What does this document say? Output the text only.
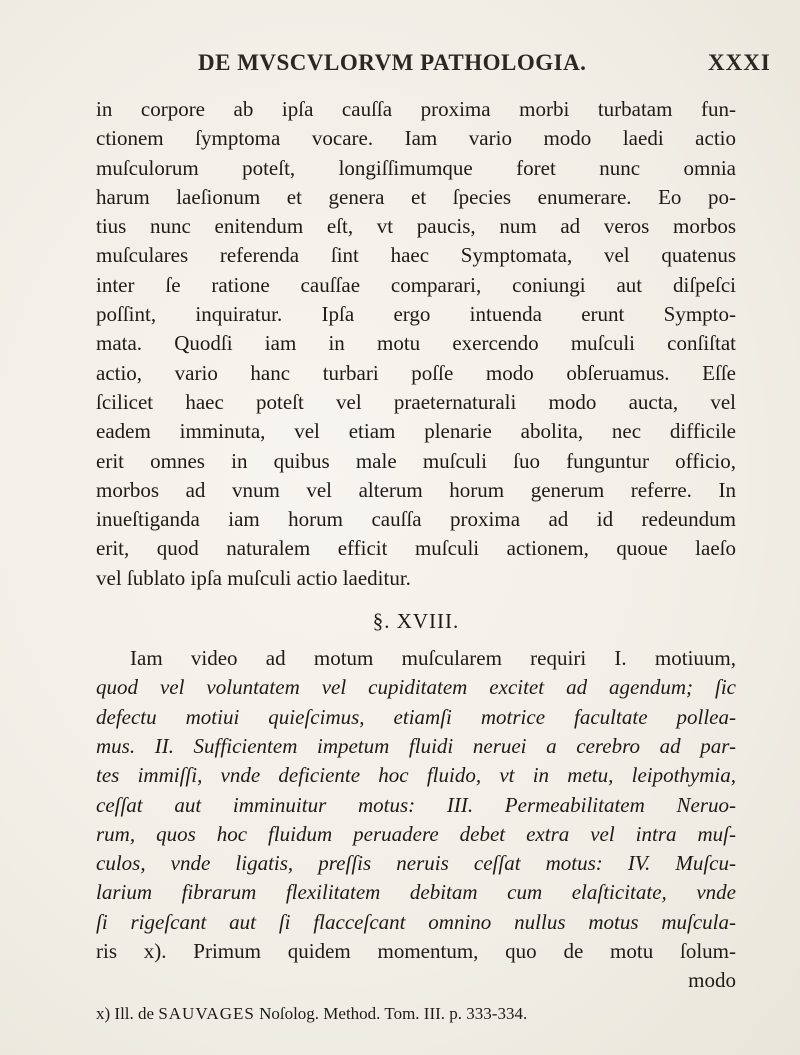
DE MVSCVLORVM PATHOLOGIA.	XXXI
in corpore ab ipſa cauſſa proxima morbi turbatam fun-
ctionem ſymptoma vocare. Iam vario modo laedi actio
muſculorum poteſt, longiſſimumque foret nunc omnia
harum laeſionum et genera et ſpecies enumerare. Eo po-
tius nunc enitendum eſt, vt paucis, num ad veros morbos
muſculares referenda ſint haec Symptomata, vel quatenus
inter ſe ratione cauſſae comparari, coniungi aut diſpeſci
poſſint, inquiratur. Ipſa ergo intuenda erunt Sympto-
mata. Quodſi iam in motu exercendo muſculi conſiſtat
actio, vario hanc turbari poſſe modo obſeruamus. Eſſe
ſcilicet haec poteſt vel praeternaturali modo aucta, vel
eadem imminuta, vel etiam plenarie abolita, nec difficile
erit omnes in quibus male muſculi ſuo funguntur officio,
morbos ad vnum vel alterum horum generum referre. In
inueſtiganda iam horum cauſſa proxima ad id redeundum
erit, quod naturalem efficit muſculi actionem, quoue laeſo
vel ſublato ipſa muſculi actio laeditur.
§. XVIII.
Iam video ad motum muſcularem requiri I. motiuum,
quod vel voluntatem vel cupiditatem excitet ad agendum; ſic
defectu motiui quieſcimus, etiamſi motrice facultate pollea-
mus. II. Sufficientem impetum fluidi neruei a cerebro ad par-
tes immiſſi, vnde deficiente hoc fluido, vt in metu, leipothymia,
ceſſat aut imminuitur motus: III. Permeabilitatem Neruo-
rum, quos hoc fluidum peruadere debet extra vel intra muſ-
culos, vnde ligatis, preſſis neruis ceſſat motus: IV. Muſcu-
larium fibrarum flexilitatem debitam cum elaſticitate, vnde
ſi rigeſcant aut ſi flacceſcant omnino nullus motus muſcula-
ris x). Primum quidem momentum, quo de motu ſolum-
modo
x) Ill. de SAUVAGES Noſolog. Method. Tom. III. p. 333-334.
